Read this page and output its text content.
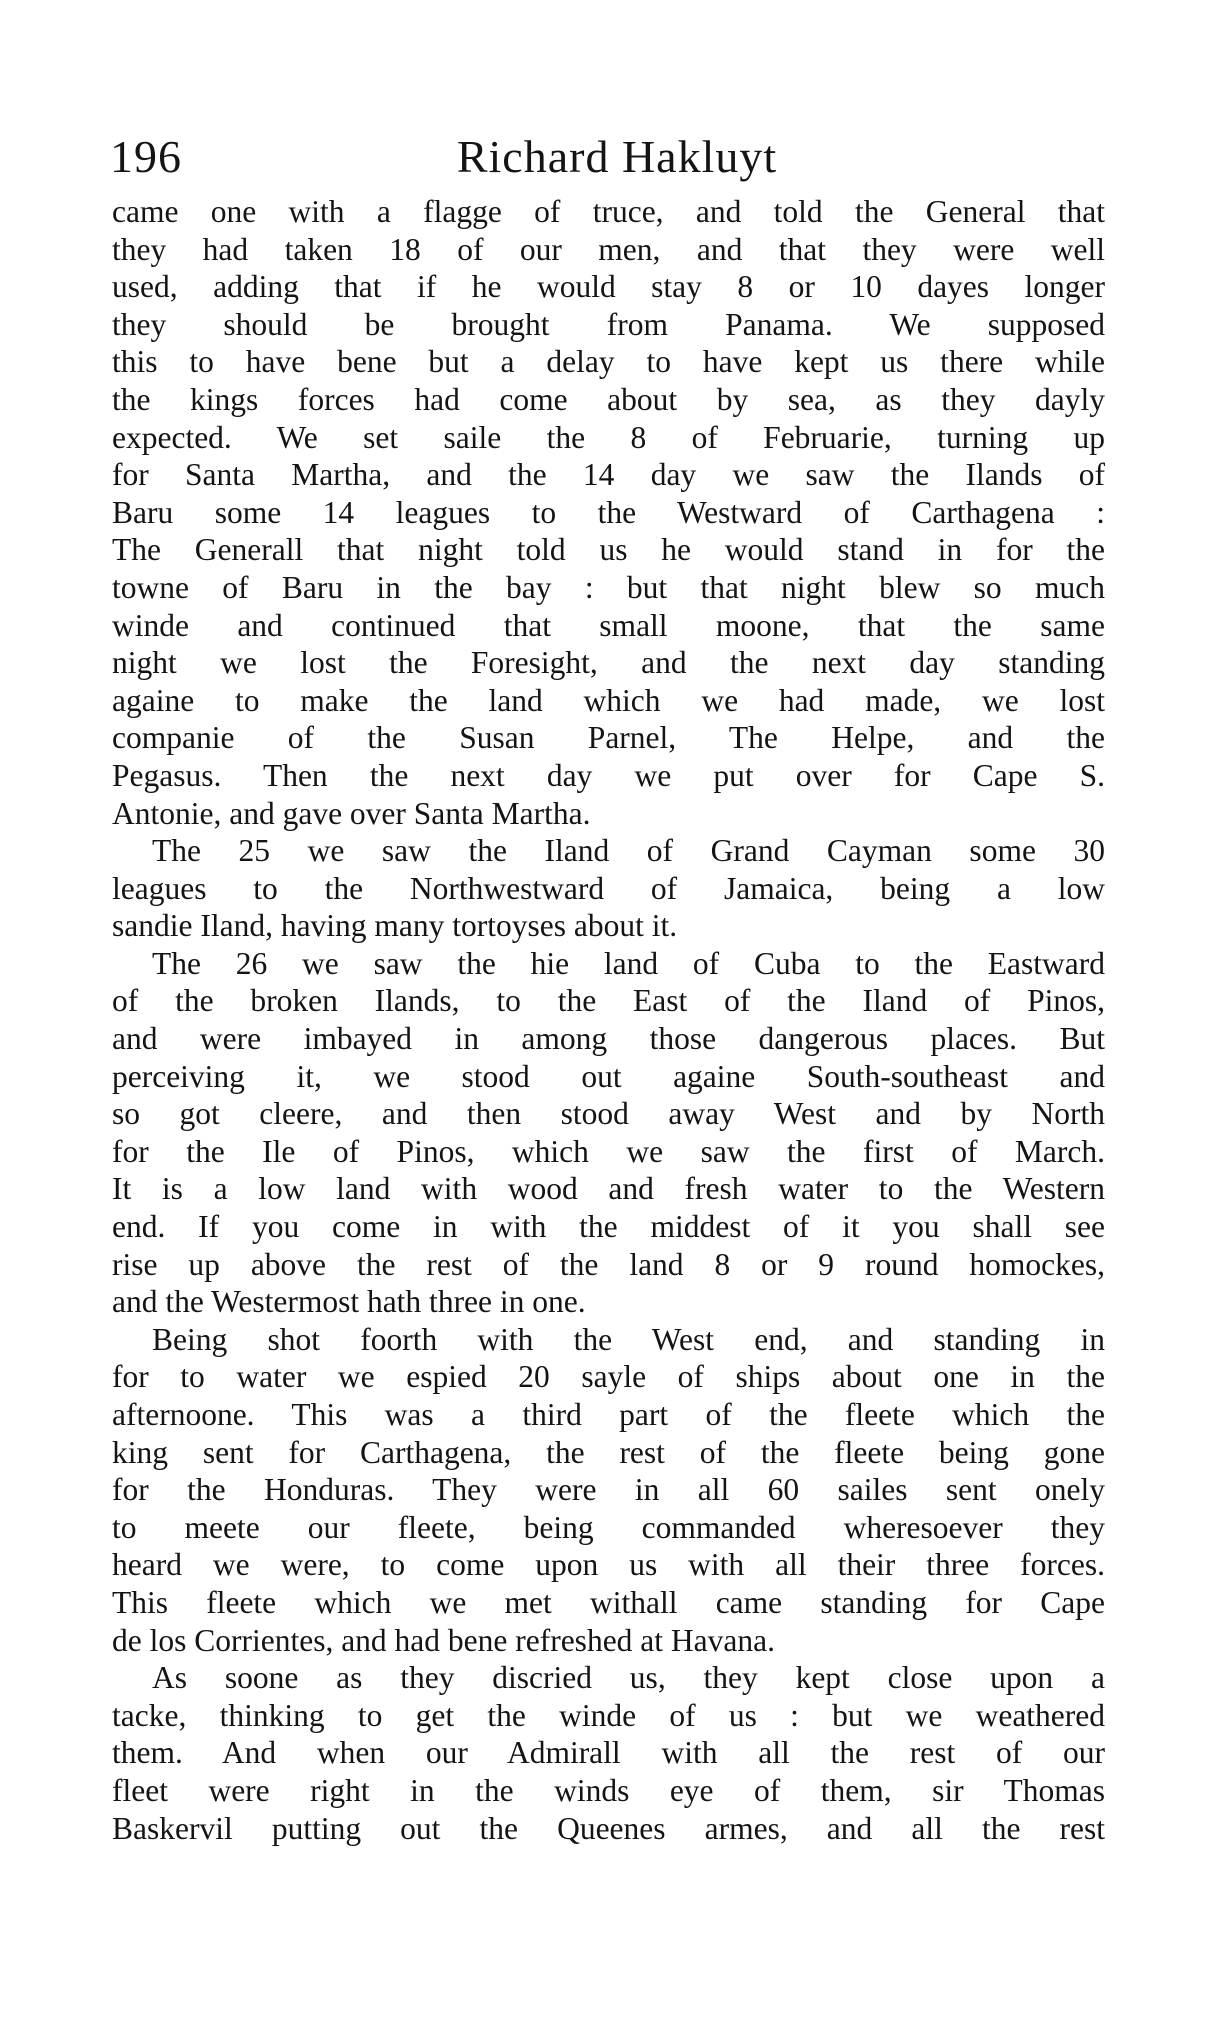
196	Richard Hakluyt
came one with a flagge of truce, and told the General that
they had taken 18 of our men, and that they were well
used, adding that if he would stay 8 or 10 dayes longer
they should be brought from Panama. We supposed
this to have bene but a delay to have kept us there while
the kings forces had come about by sea, as they dayly
expected. We set saile the 8 of Februarie, turning up
for Santa Martha, and the 14 day we saw the Ilands of
Baru some 14 leagues to the Westward of Carthagena :
The Generall that night told us he would stand in for the
towne of Baru in the bay : but that night blew so much
winde and continued that small moone, that the same
night we lost the Foresight, and the next day standing
againe to make the land which we had made, we lost
companie of the Susan Parnel, The Helpe, and the
Pegasus. Then the next day we put over for Cape S.
Antonie, and gave over Santa Martha.
The 25 we saw the Iland of Grand Cayman some 30
leagues to the Northwestward of Jamaica, being a low
sandie Iland, having many tortoyses about it.
The 26 we saw the hie land of Cuba to the Eastward
of the broken Ilands, to the East of the Iland of Pinos,
and were imbayed in among those dangerous places. But
perceiving it, we stood out againe South-southeast and
so got cleere, and then stood away West and by North
for the Ile of Pinos, which we saw the first of March.
It is a low land with wood and fresh water to the Western
end. If you come in with the middest of it you shall see
rise up above the rest of the land 8 or 9 round homockes,
and the Westermost hath three in one.
Being shot foorth with the West end, and standing in
for to water we espied 20 sayle of ships about one in the
afternoone. This was a third part of the fleete which the
king sent for Carthagena, the rest of the fleete being gone
for the Honduras. They were in all 60 sailes sent onely
to meete our fleete, being commanded wheresoever they
heard we were, to come upon us with all their three forces.
This fleete which we met withall came standing for Cape
de los Corrientes, and had bene refreshed at Havana.
As soone as they discried us, they kept close upon a
tacke, thinking to get the winde of us : but we weathered
them. And when our Admirall with all the rest of our
fleet were right in the winds eye of them, sir Thomas
Baskervil putting out the Queenes armes, and all the rest
